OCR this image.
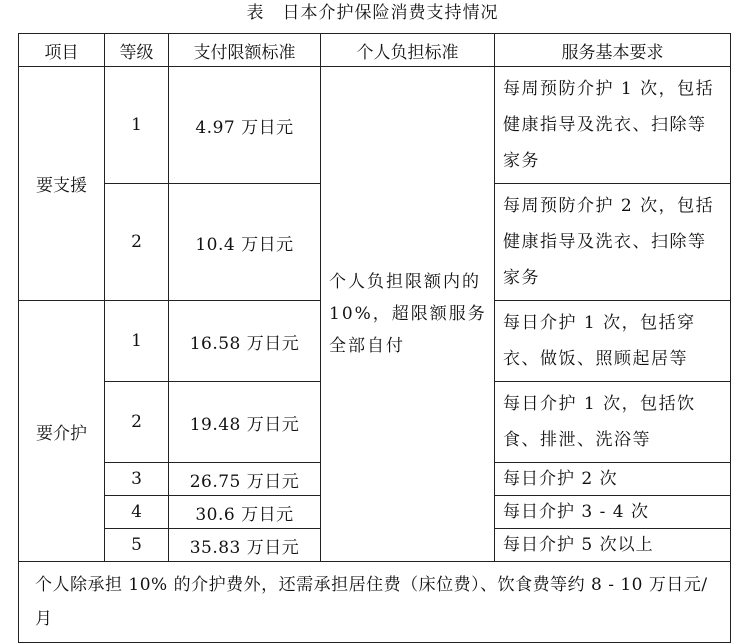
表　日本介护保险消费支持情况
项目	等级	支付限额标准	个人负担标准	服务基本要求
要支援	1	4.97 万日元	个人负担限额内的 10%，超限额服务全部自付	每周预防介护 1 次，包括健康指导及洗衣、扫除等家务
	2	10.4 万日元		每周预防介护 2 次，包括健康指导及洗衣、扫除等家务
要介护	1	16.58 万日元		每日介护 1 次，包括穿衣、做饭、照顾起居等
	2	19.48 万日元		每日介护 1 次，包括饮食、排泄、洗浴等
	3	26.75 万日元		每日介护 2 次
	4	30.6 万日元		每日介护 3 - 4 次
	5	35.83 万日元		每日介护 5 次以上
个人除承担 10% 的介护费外，还需承担居住费（床位费）、饮食费等约 8 - 10 万日元/月				
